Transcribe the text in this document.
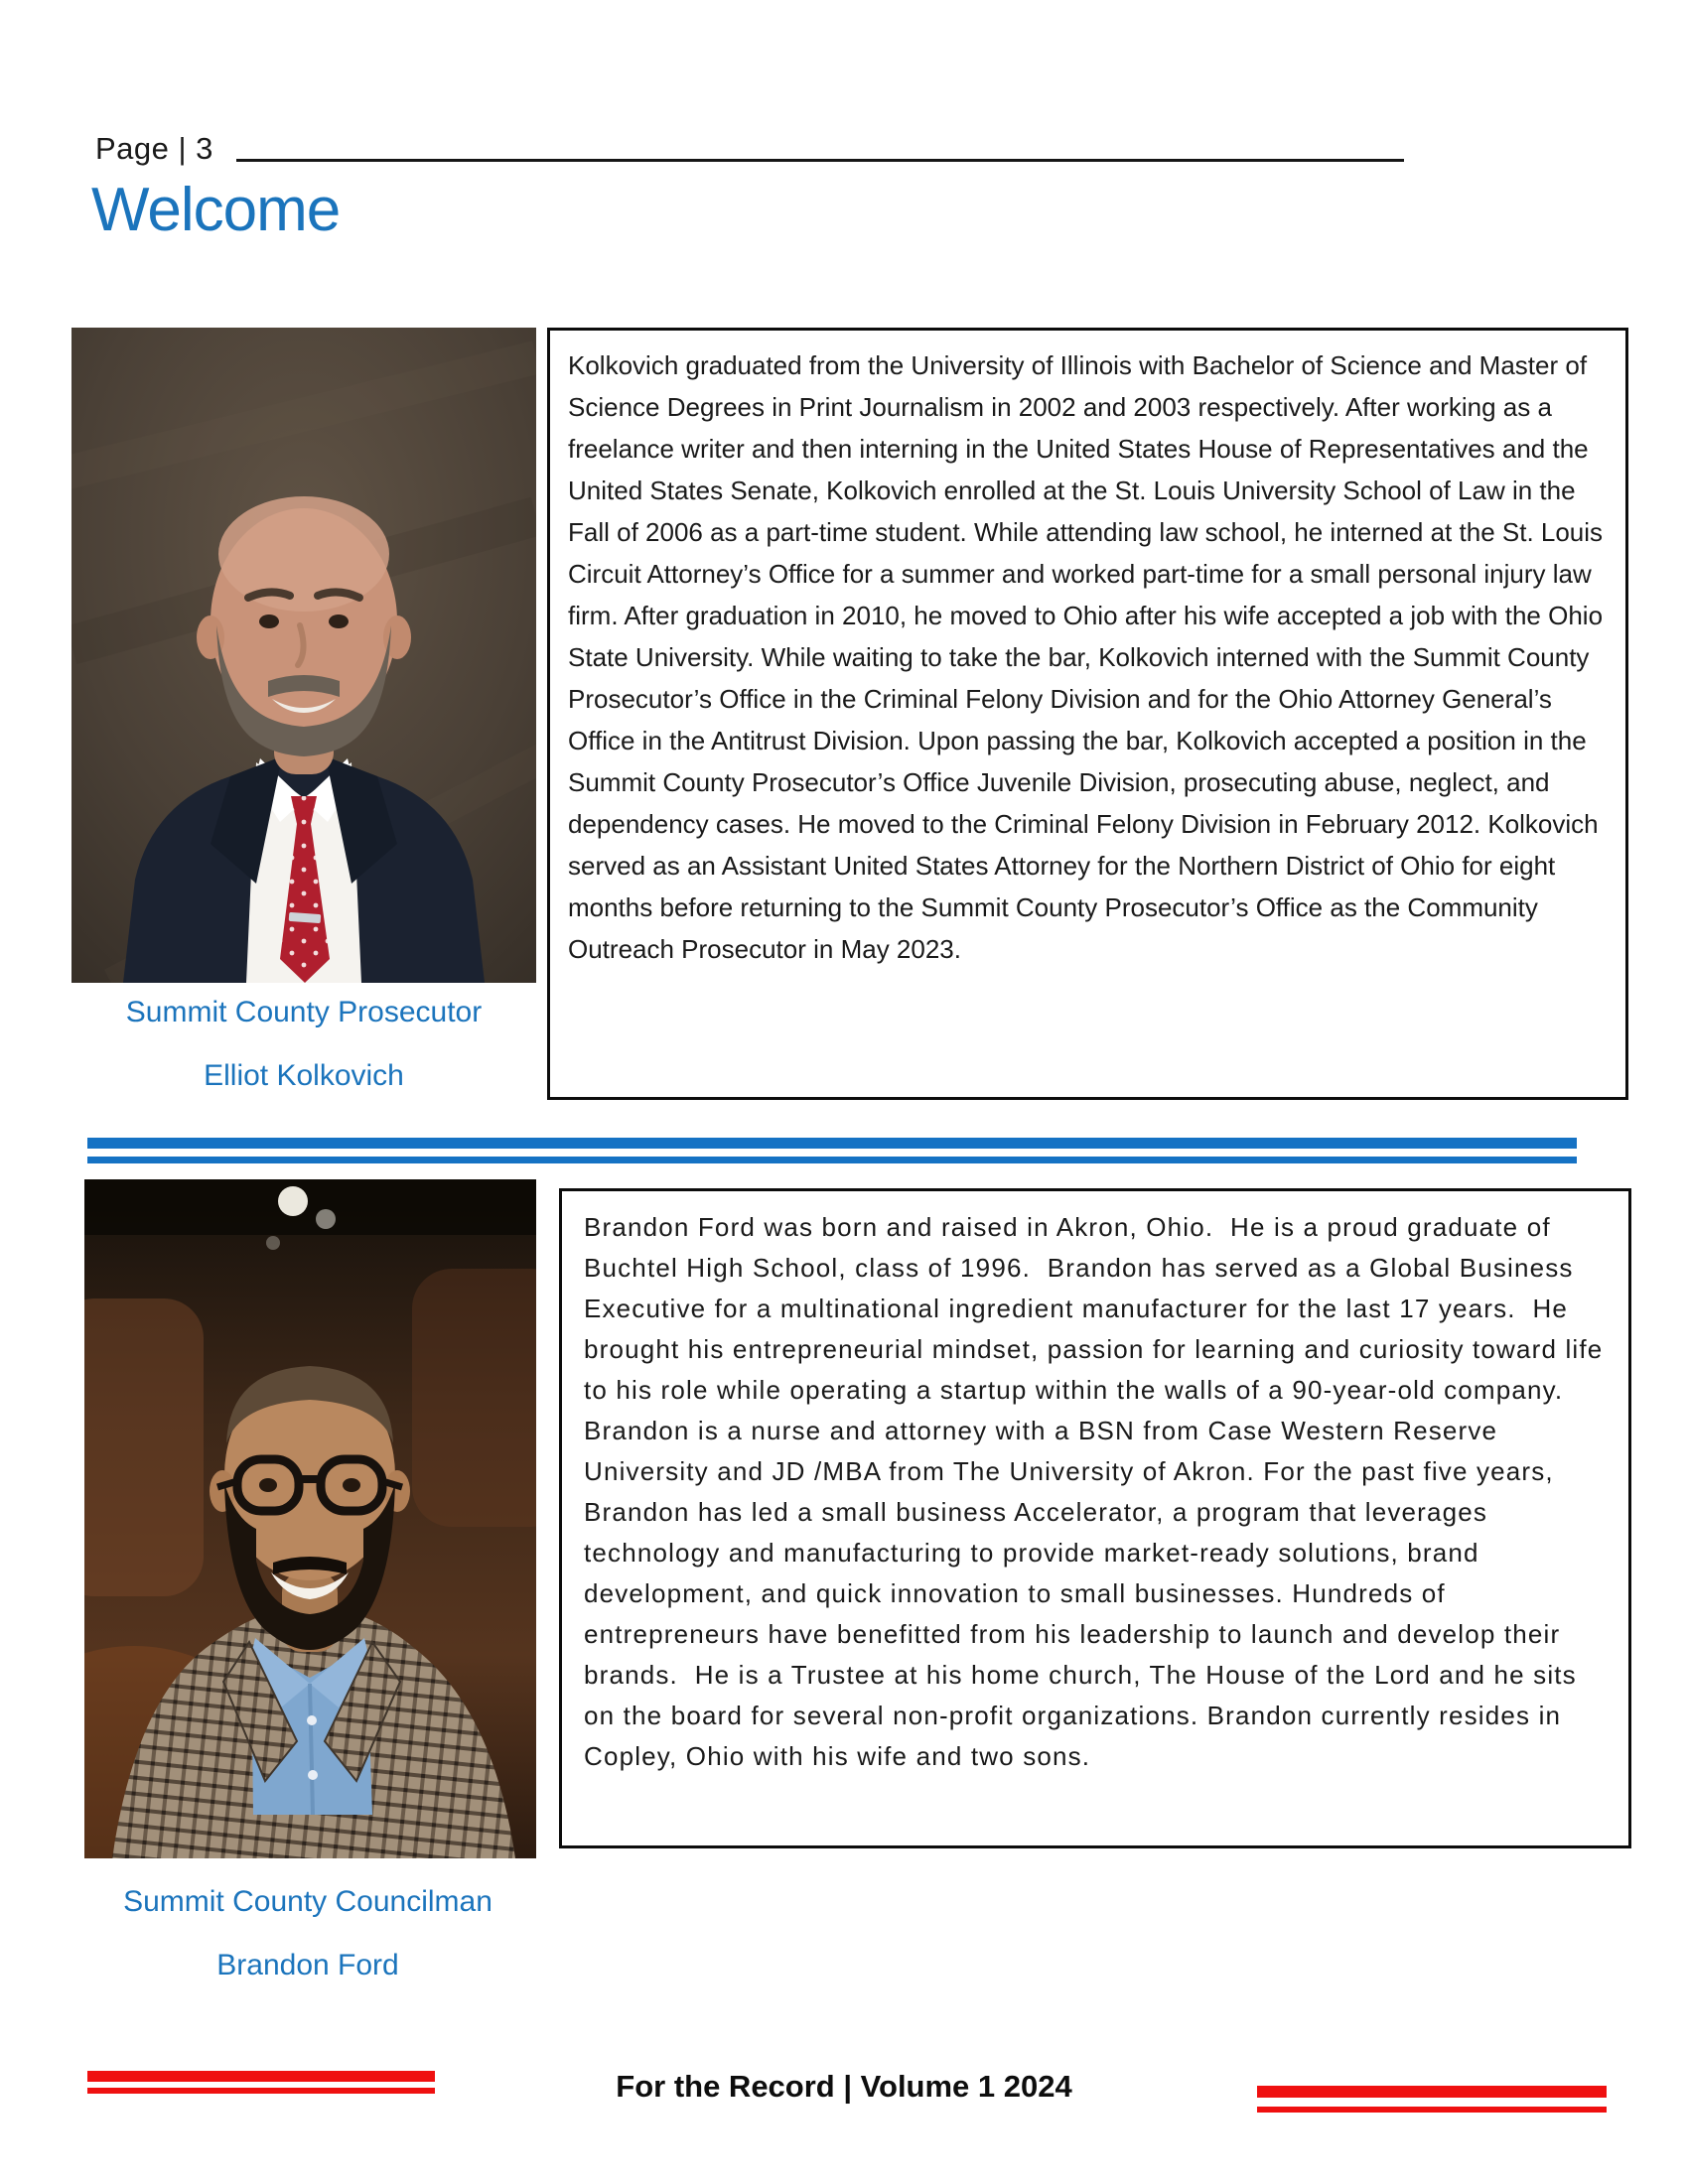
Page | 3
Welcome
Summit County Prosecutor
Elliot Kolkovich

Kolkovich graduated from the University of Illinois with Bachelor of Science and Master of Science Degrees in Print Journalism in 2002 and 2003 respectively. After working as a freelance writer and then interning in the United States House of Representatives and the United States Senate, Kolkovich enrolled at the St. Louis University School of Law in the Fall of 2006 as a part-time student. While attending law school, he interned at the St. Louis Circuit Attorney’s Office for a summer and worked part-time for a small personal injury law firm. After graduation in 2010, he moved to Ohio after his wife accepted a job with the Ohio State University. While waiting to take the bar, Kolkovich interned with the Summit County Prosecutor’s Office in the Criminal Felony Division and for the Ohio Attorney General’s Office in the Antitrust Division. Upon passing the bar, Kolkovich accepted a position in the Summit County Prosecutor’s Office Juvenile Division, prosecuting abuse, neglect, and dependency cases. He moved to the Criminal Felony Division in February 2012. Kolkovich served as an Assistant United States Attorney for the Northern District of Ohio for eight months before returning to the Summit County Prosecutor’s Office as the Community Outreach Prosecutor in May 2023.

Summit County Councilman
Brandon Ford

Brandon Ford was born and raised in Akron, Ohio.  He is a proud graduate of Buchtel High School, class of 1996.  Brandon has served as a Global Business Executive for a multinational ingredient manufacturer for the last 17 years.  He brought his entrepreneurial mindset, passion for learning and curiosity toward life to his role while operating a startup within the walls of a 90-year-old company. Brandon is a nurse and attorney with a BSN from Case Western Reserve University and JD /MBA from The University of Akron. For the past five years, Brandon has led a small business Accelerator, a program that leverages technology and manufacturing to provide market-ready solutions, brand development, and quick innovation to small businesses. Hundreds of entrepreneurs have benefitted from his leadership to launch and develop their brands.  He is a Trustee at his home church, The House of the Lord and he sits on the board for several non-profit organizations. Brandon currently resides in Copley, Ohio with his wife and two sons.

For the Record | Volume 1 2024
